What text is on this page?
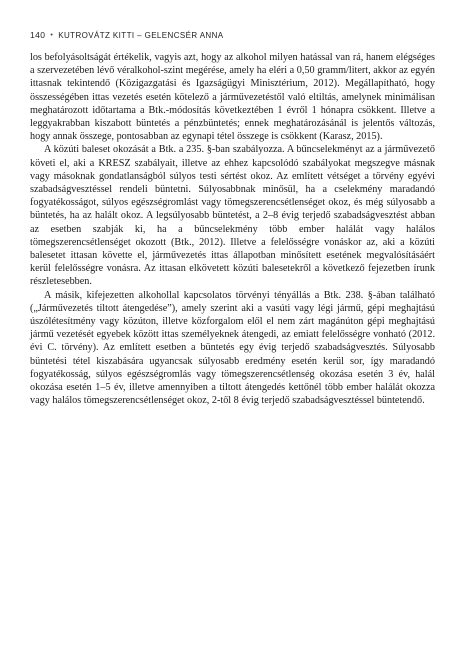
140 • KUTROVÁTZ KITTI – GELENCSÉR ANNA

los befolyásoltságát értékelik, vagyis azt, hogy az alkohol milyen hatással van rá, hanem elégséges a szervezetében lévő véralkohol-szint megérése, amely ha eléri a 0,50 gramm/litert, akkor az egyén ittasnak tekintendő (Közigazgatási és Igazságügyi Minisztérium, 2012). Megállapítható, hogy összességében ittas vezetés esetén kötelező a járművezetéstől való eltiltás, amelynek minimálisan meghatározott időtartama a Btk.-módosítás következtében 1 évről 1 hónapra csökkent. Illetve a leggyakrabban kiszabott büntetés a pénzbüntetés; ennek meghatározásánál is jelentős változás, hogy annak összege, pontosabban az egynapi tétel összege is csökkent (Karasz, 2015).

A közúti baleset okozását a Btk. a 235. §-ban szabályozza. A bűncselekményt az a járművezető követi el, aki a KRESZ szabályait, illetve az ehhez kapcsolódó szabályokat megszegve másnak vagy másoknak gondatlanságból súlyos testi sértést okoz. Az említett vétséget a törvény egyévi szabadságvesztéssel rendeli büntetni. Súlyosabbnak minősül, ha a cselekmény maradandó fogyatékosságot, súlyos egészségromlást vagy tömegszerencsétlenséget okoz, és még súlyosabb a büntetés, ha az halált okoz. A legsúlyosabb büntetést, a 2–8 évig terjedő szabadságvesztést abban az esetben szabják ki, ha a bűncselekmény több ember halálát vagy halálos tömegszerencsétlenséget okozott (Btk., 2012). Illetve a felelősségre vonáskor az, aki a közúti balesetet ittasan követte el, járművezetés ittas állapotban minősített esetének megvalósításáért kerül felelősségre vonásra. Az ittasan elkövetett közúti balesetekről a következő fejezetben írunk részletesebben.

A másik, kifejezetten alkohollal kapcsolatos törvényi tényállás a Btk. 238. §-ában található („Járművezetés tiltott átengedése”), amely szerint aki a vasúti vagy légi jármű, gépi meghajtású úszólétesítmény vagy közúton, illetve közforgalom elől el nem zárt magánúton gépi meghajtású jármű vezetését egyebek között ittas személyeknek átengedi, az emiatt felelősségre vonható (2012. évi C. törvény). Az említett esetben a büntetés egy évig terjedő szabadságvesztés. Súlyosabb büntetési tétel kiszabására ugyancsak súlyosabb eredmény esetén kerül sor, így maradandó fogyatékosság, súlyos egészségromlás vagy tömegszerencsétlenség okozása esetén 3 év, halál okozása esetén 1–5 év, illetve amennyiben a tiltott átengedés kettőnél több ember halálát okozza vagy halálos tömegszerencsétlenséget okoz, 2-től 8 évig terjedő szabadságvesztéssel büntetendő.
